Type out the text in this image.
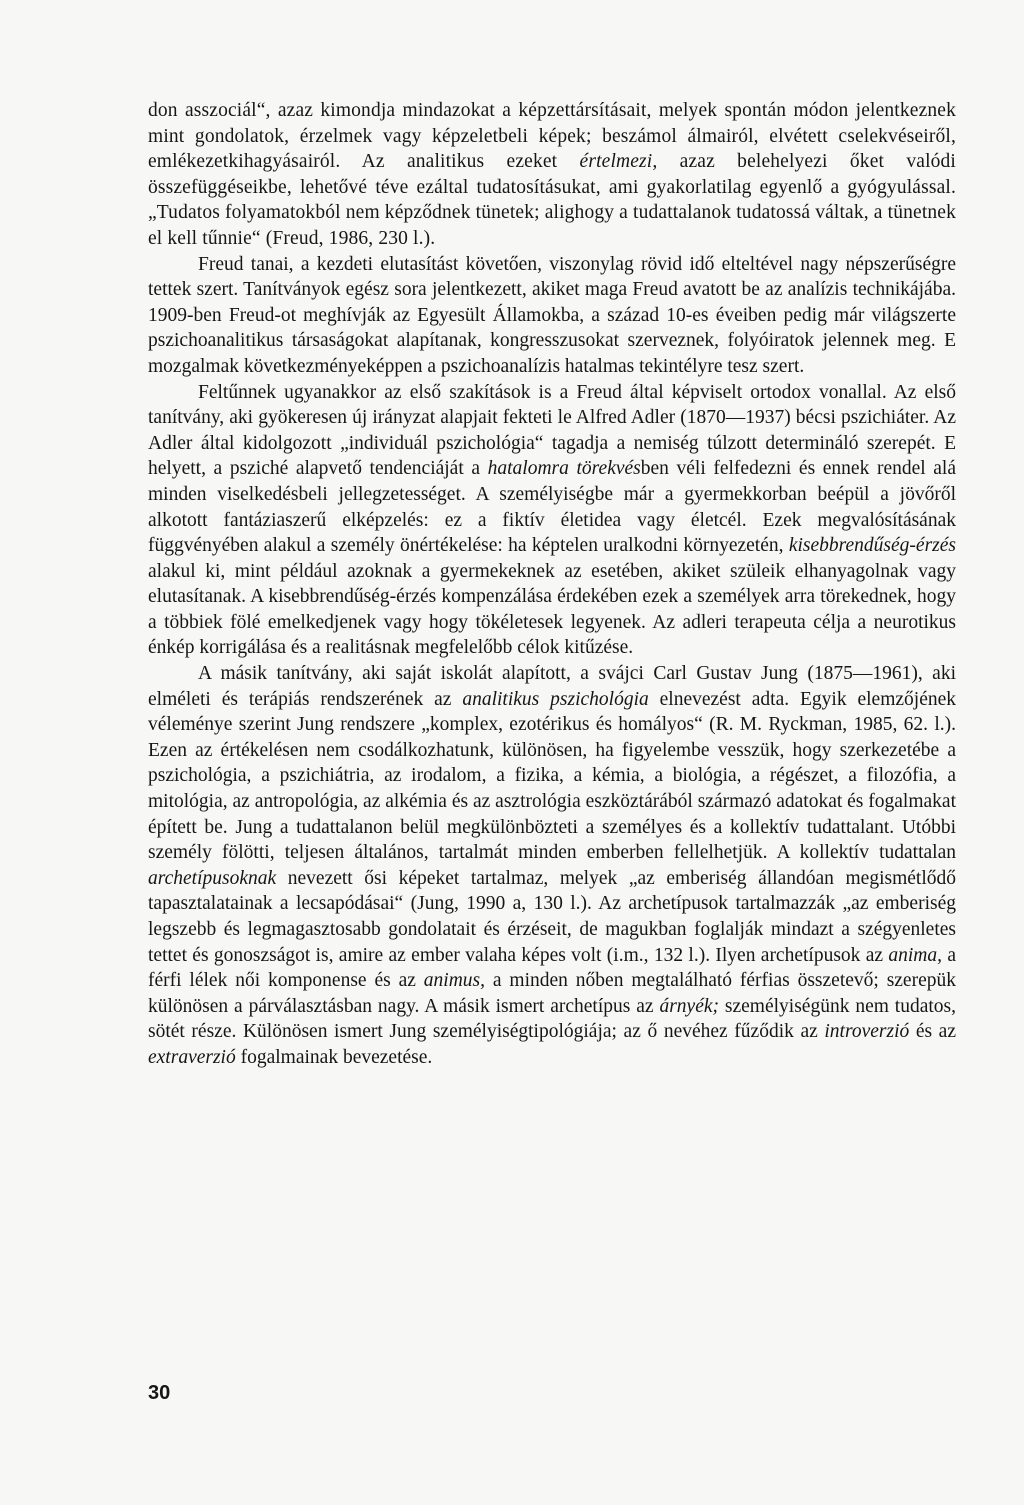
don asszociál“, azaz kimondja mindazokat a képzettársításait, melyek spontán módon jelentkeznek mint gondolatok, érzelmek vagy képzeletbeli képek; beszámol álmairól, elvétett cselekvéseiről, emlékezetkihagyásairól. Az analitikus ezeket értelmezi, azaz belehelyezi őket valódi összefüggéseikbe, lehetővé téve ezáltal tudatosításukat, ami gyakorlatilag egyenlő a gyógyulással. „Tudatos folyamatokból nem képződnek tünetek; alighogy a tudattalanok tudatossá váltak, a tünetnek el kell tűnnie“ (Freud, 1986, 230 l.).

Freud tanai, a kezdeti elutasítást követően, viszonylag rövid idő elteltével nagy népszerűségre tettek szert. Tanítványok egész sora jelentkezett, akiket maga Freud avatott be az analízis technikájába. 1909-ben Freud-ot meghívják az Egyesült Államokba, a század 10-es éveiben pedig már világszerte pszichoanalitikus társaságokat alapítanak, kongresszusokat szerveznek, folyóiratok jelennek meg. E mozgalmak következményeképpen a pszichoanalízis hatalmas tekintélyre tesz szert.

Feltűnnek ugyanakkor az első szakítások is a Freud által képviselt ortodox vonallal. Az első tanítvány, aki gyökeresen új irányzat alapjait fekteti le Alfred Adler (1870—1937) bécsi pszichiáter. Az Adler által kidolgozott „individuál pszichológia“ tagadja a nemiség túlzott determináló szerepét. E helyett, a psziché alapvető tendenciáját a hatalomra törekvésben véli felfedezni és ennek rendel alá minden viselkedésbeli jellegzetességet. A személyiségbe már a gyermekkorban beépül a jövőről alkotott fantáziaszerű elképzelés: ez a fiktív életidea vagy életcél. Ezek megvalósításának függvényében alakul a személy önértékelése: ha képtelen uralkodni környezetén, kisebbrendűség-érzés alakul ki, mint például azoknak a gyermekeknek az esetében, akiket szüleik elhanyagolnak vagy elutasítanak. A kisebbrendűség-érzés kompenzálása érdekében ezek a személyek arra törekednek, hogy a többiek fölé emelkedjenek vagy hogy tökéletesek legyenek. Az adleri terapeuta célja a neurotikus énkép korrigálása és a realitásnak megfelelőbb célok kitűzése.

A másik tanítvány, aki saját iskolát alapított, a svájci Carl Gustav Jung (1875—1961), aki elméleti és terápiás rendszerének az analitikus pszichológia elnevezést adta. Egyik elemzőjének véleménye szerint Jung rendszere „komplex, ezotérikus és homályos“ (R. M. Ryckman, 1985, 62. l.). Ezen az értékelésen nem csodálkozhatunk, különösen, ha figyelembe vesszük, hogy szerkezetébe a pszichológia, a pszichiátria, az irodalom, a fizika, a kémia, a biológia, a régészet, a filozófia, a mitológia, az antropológia, az alkémia és az asztrológia eszköztárából származó adatokat és fogalmakat épített be. Jung a tudattalanon belül megkülönbözteti a személyes és a kollektív tudattalant. Utóbbi személy fölötti, teljesen általános, tartalmát minden emberben fellelhetjük. A kollektív tudattalan archetípusoknak nevezett ősi képeket tartalmaz, melyek „az emberiség állandóan megismétlődő tapasztalatainak a lecsapódásai“ (Jung, 1990 a, 130 l.). Az archetípusok tartalmazzák „az emberiség legszebb és legmagasztosabb gondolatait és érzéseit, de magukban foglalják mindazt a szégyenletes tettet és gonoszságot is, amire az ember valaha képes volt (i.m., 132 l.). Ilyen archetípusok az anima, a férfi lélek női komponense és az animus, a minden nőben megtalálható férfias összetevő; szerepük különösen a párválasztásban nagy. A másik ismert archetípus az árnyék; személyiségünk nem tudatos, sötét része. Különösen ismert Jung személyiségtipológiája; az ő nevéhez fűződik az introverzió és az extraverzió fogalmainak bevezetése.

30
